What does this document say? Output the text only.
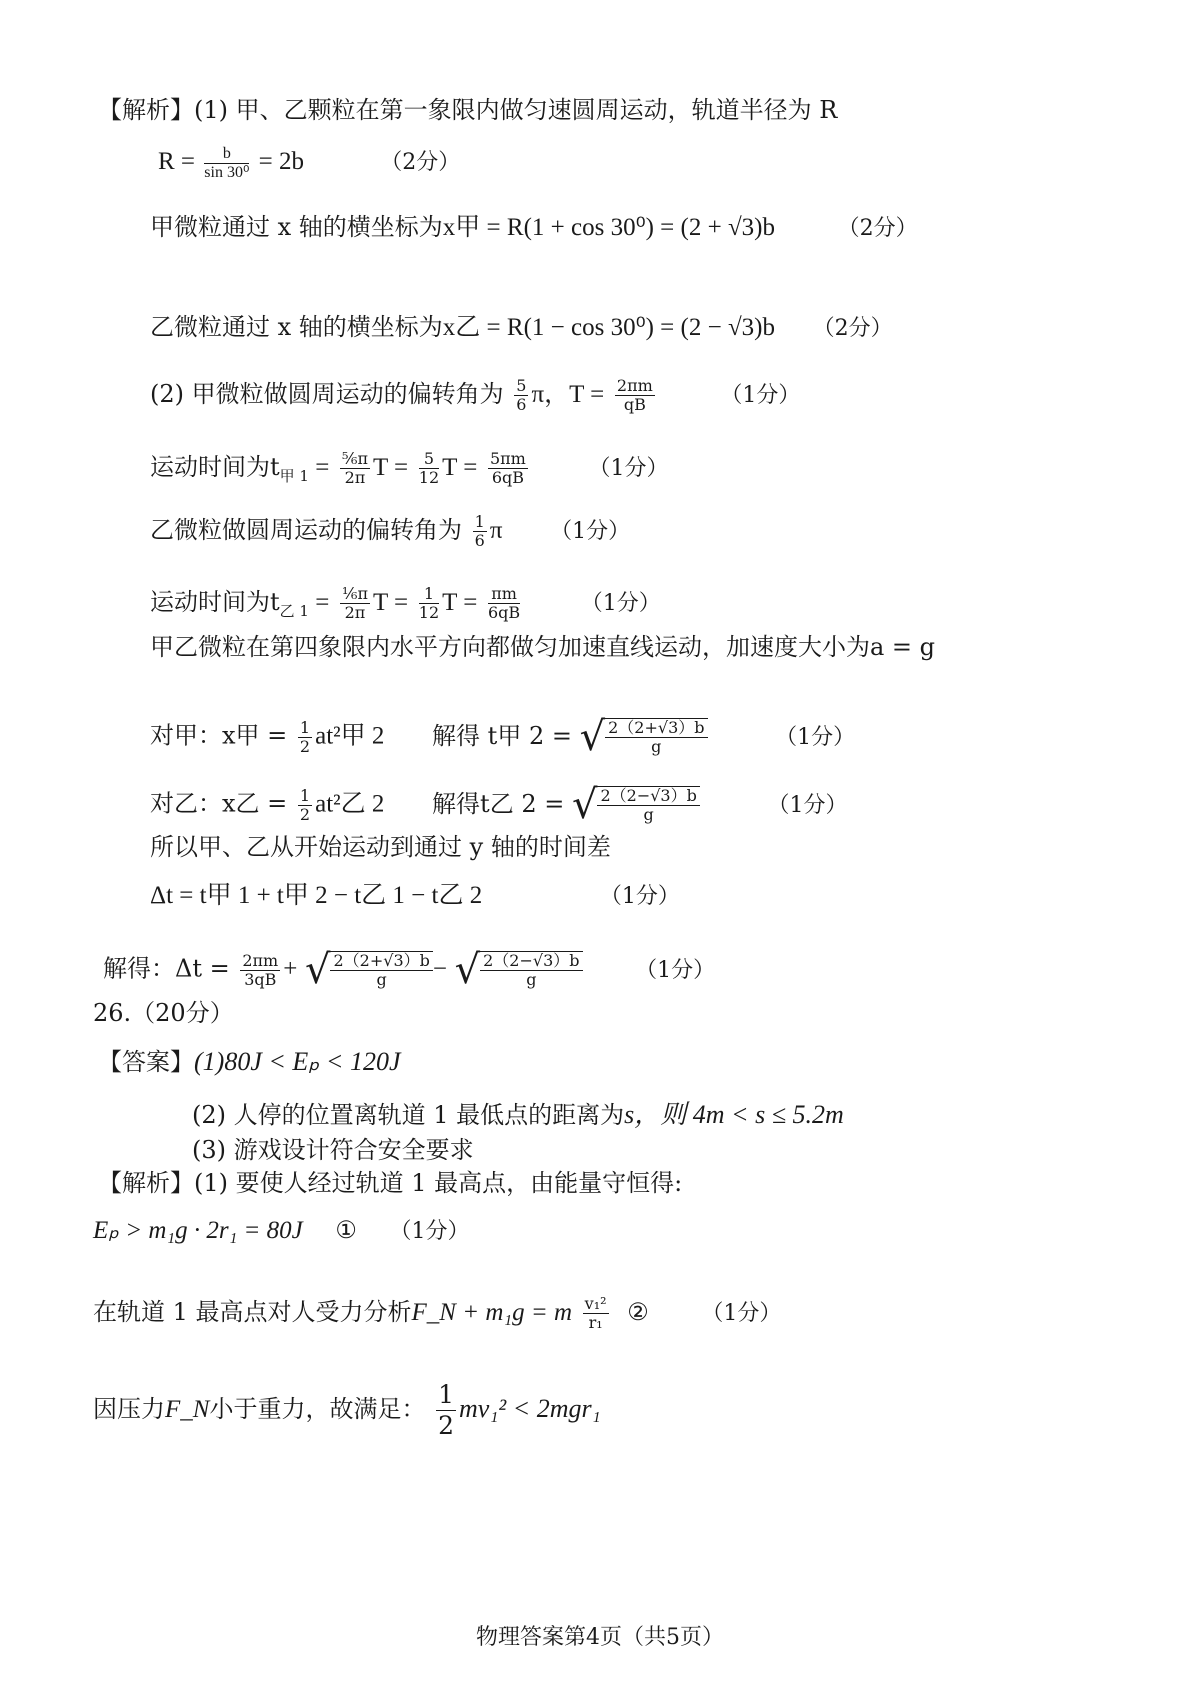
【解析】(1) 甲、乙颗粒在第一象限内做匀速圆周运动，轨道半径为 R
$R = \frac{b}{\text{sin 30⁰}} = 2b$	（2分）
甲微粒通过 x 轴的横坐标为x甲 = R(1 + cos 30⁰) = (2 + √3)b	（2分）
乙微粒通过 x 轴的横坐标为x乙 = R(1 − cos 30⁰) = (2 − √3)b （2分）
(2) 甲微粒做圆周运动的偏转角为 $\frac{5}{6}$ π，$T = \frac{2\pi m}{qB}$	（1分）
运动时间为$t_{甲 1} = \frac{\text{⁵⁄₆π}}{2\pi}$ $T = \frac{5}{12}$ $T = \frac{5\pi m}{6qB}$	（1分）
乙微粒做圆周运动的偏转角为 $\frac{1}{6}$ π （1分）
运动时间为$t_{乙 1} = \frac{\text{¹⁄₆π}}{2\pi}$ $T = \frac{1}{12}$ $T = \frac{\pi m}{6qB}$	（1分）
甲乙微粒在第四象限内水平方向都做匀加速直线运动，加速度大小为a = g
对甲：x甲 = $\frac{1}{2} at^2$甲 2 解得 t甲 2 = √ $\frac{2(2+√3)b}{g}$	（1分）
对乙：x乙 = $\frac{1}{2} at^2$乙 2 解得t乙 2 = √ $\frac{2(2-√3)b}{g}$	（1分）
所以甲、乙从开始运动到通过 y 轴的时间差
Δt = t甲 1 + t甲 2 − t乙 1 − t乙 2	（1分）
解得：$\Delta t = \frac{2\pi m}{3qB}$ + √ $\frac{2(2+√3)b}{g}$ − √ $\frac{2(2-√3)b}{g} (1$分）
26.（20分）
【答案】(1)80J < Eₚ < 120J
(2) 人停的位置离轨道 1 最低点的距离为s，则 4m < s ≤ 5.2m
(3) 游戏设计符合安全要求
【解析】(1) 要使人经过轨道 1 最高点，由能量守恒得:
Eₚ > m₁g · 2r₁ = 80J ① （1分）
在轨道 1 最高点对人受力分析F_N + m₁g = m $\frac{\text{v₁²}}{\text{r₁}}$ ② （1分）
因压力F_N小于重力，故满足： $\frac{1}{2} mv_1^2 < 2mgr_1$
物理答案第4页（共5页）
